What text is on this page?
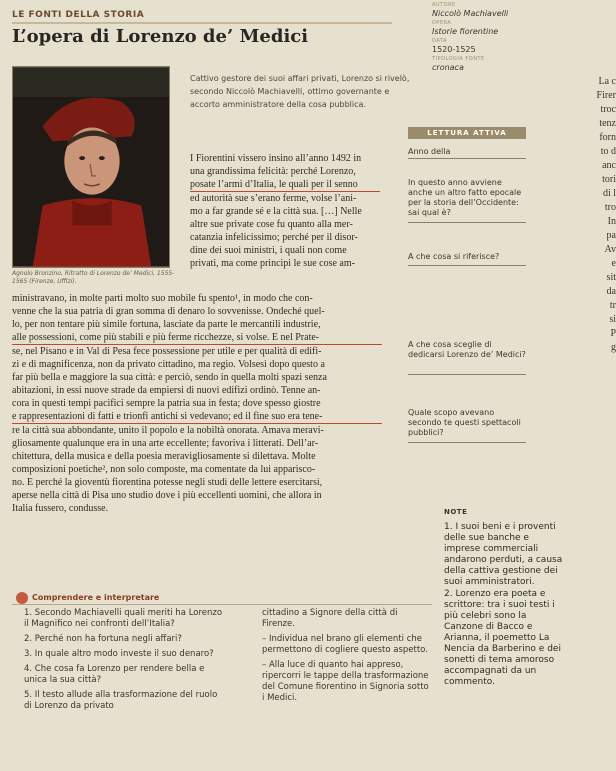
LE FONTI DELLA STORIA
L’opera di Lorenzo de’ Medici
AUTORE
Niccolò Machiavelli
OPERA
Istorie fiorentine
DATA
1520-1525
TIPOLOGIA FONTE
cronaca
Agnolo Bronzino, Ritratto di Lorenzo de’ Medici, 1555-1565 (Firenze, Uffizi).
Cattivo gestore dei suoi affari privati, Lorenzo si rivelò, secondo Niccolò Machiavelli, ottimo governante e accorto amministratore della cosa pubblica.
LETTURA ATTIVA
I Fiorentini vissero insino all’anno 1492 in
una grandissima felicità: perché Lorenzo,
posate l’armi d’Italia, le quali per il senno
ed autorità sue s’erano ferme, volse l’ani-
mo a far grande sé e la città sua. […] Nelle
altre sue private cose fu quanto alla mer-
catanzia infelicissimo; perché per il disor-
dine dei suoi ministri, i quali non come
privati, ma come principi le sue cose am-
ministravano, in molte parti molto suo mobile fu spento¹, in modo che con-
venne che la sua patria di gran somma di denaro lo sovvenisse. Ondeché quel-
lo, per non tentare più simile fortuna, lasciate da parte le mercantili industrie,
alle possessioni, come più stabili e più ferme ricchezze, si volse. E nel Prate-
se, nel Pisano e in Val di Pesa fece possessione per utile e per qualità di edifi-
zi e di magnificenza, non da privato cittadino, ma regio. Volsesi dopo questo a
far più bella e maggiore la sua città: e perciò, sendo in quella molti spazi senza
abitazioni, in essi nuove strade da empiersi di nuovi edifizi ordinò. Tenne an-
cora in questi tempi pacifici sempre la patria sua in festa; dove spesso giostre
e rappresentazioni di fatti e trionfi antichi si vedevano; ed il fine suo era tene-
re la città sua abbondante, unito il popolo e la nobiltà onorata. Amava meravi-
gliosamente qualunque era in una arte eccellente; favoriva i litterati. Dell’ar-
chitettura, della musica e della poesia meravigliosamente si dilettava. Molte
composizioni poetiche², non solo composte, ma comentate da lui apparisco-
no. E perché la gioventù fiorentina potesse negli studi delle lettere esercitarsi,
aperse nella città di Pisa uno studio dove i più eccellenti uomini, che allora in
Italia fussero, condusse.
Anno della
In questo anno avviene anche un altro fatto epocale per la storia dell’Occidente: sai qual è?
A che cosa si riferisce?
A che cosa sceglie di dedicarsi Lorenzo de’ Medici?
Quale scopo avevano secondo te questi spettacoli pubblici?
La c
Firer
troc
tenz
forn
to d
anc
tori
di l
tro
In
pa
Av
e
sit
da
tr
si
P
g
NOTE

1. I suoi beni e i proventi delle sue banche e imprese commerciali andarono perduti, a causa della cattiva gestione dei suoi amministratori.

2. Lorenzo era poeta e scrittore: tra i suoi testi i più celebri sono la Canzone di Bacco e Arianna, il poemetto La Nencia da Barberino e dei sonetti di tema amoroso accompagnati da un commento.

Comprendere e interpretare

1. Secondo Machiavelli quali meriti ha Lorenzo il Magnifico nei confronti dell’Italia?

2. Perché non ha fortuna negli affari?

3. In quale altro modo investe il suo denaro?

4. Che cosa fa Lorenzo per rendere bella e unica la sua città?

5. Il testo allude alla trasformazione del ruolo di Lorenzo da privato

cittadino a Signore della città di Firenze.

– Individua nel brano gli elementi che permettono di cogliere questo aspetto.

– Alla luce di quanto hai appreso, ripercorri le tappe della trasformazione del Comune fiorentino in Signoria sotto i Medici.
